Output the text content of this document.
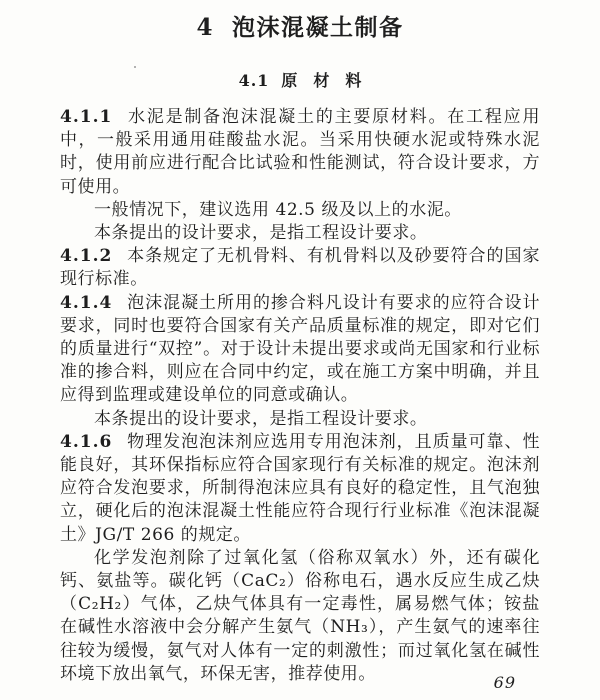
4 泡沫混凝土制备
4.1 原　材　料

4.1.1 水泥是制备泡沫混凝土的主要原材料。在工程应用中，一般采用通用硅酸盐水泥。当采用快硬水泥或特殊水泥时，使用前应进行配合比试验和性能测试，符合设计要求，方可使用。

一般情况下，建议选用 42.5 级及以上的水泥。

本条提出的设计要求，是指工程设计要求。

4.1.2 本条规定了无机骨料、有机骨料以及砂要符合的国家现行标准。

4.1.4 泡沫混凝土所用的掺合料凡设计有要求的应符合设计要求，同时也要符合国家有关产品质量标准的规定，即对它们的质量进行“双控”。对于设计未提出要求或尚无国家和行业标准的掺合料，则应在合同中约定，或在施工方案中明确，并且应得到监理或建设单位的同意或确认。

本条提出的设计要求，是指工程设计要求。

4.1.6 物理发泡泡沫剂应选用专用泡沫剂，且质量可靠、性能良好，其环保指标应符合国家现行有关标准的规定。泡沫剂应符合发泡要求，所制得泡沫应具有良好的稳定性，且气泡独立，硬化后的泡沫混凝土性能应符合现行行业标准《泡沫混凝土》JG/T 266 的规定。

化学发泡剂除了过氧化氢（俗称双氧水）外，还有碳化钙、氨盐等。碳化钙（CaC₂）俗称电石，遇水反应生成乙炔（C₂H₂）气体，乙炔气体具有一定毒性，属易燃气体；铵盐在碱性水溶液中会分解产生氨气（NH₃），产生氨气的速率往往较为缓慢，氨气对人体有一定的刺激性；而过氧化氢在碱性环境下放出氧气，环保无害，推荐使用。	69
